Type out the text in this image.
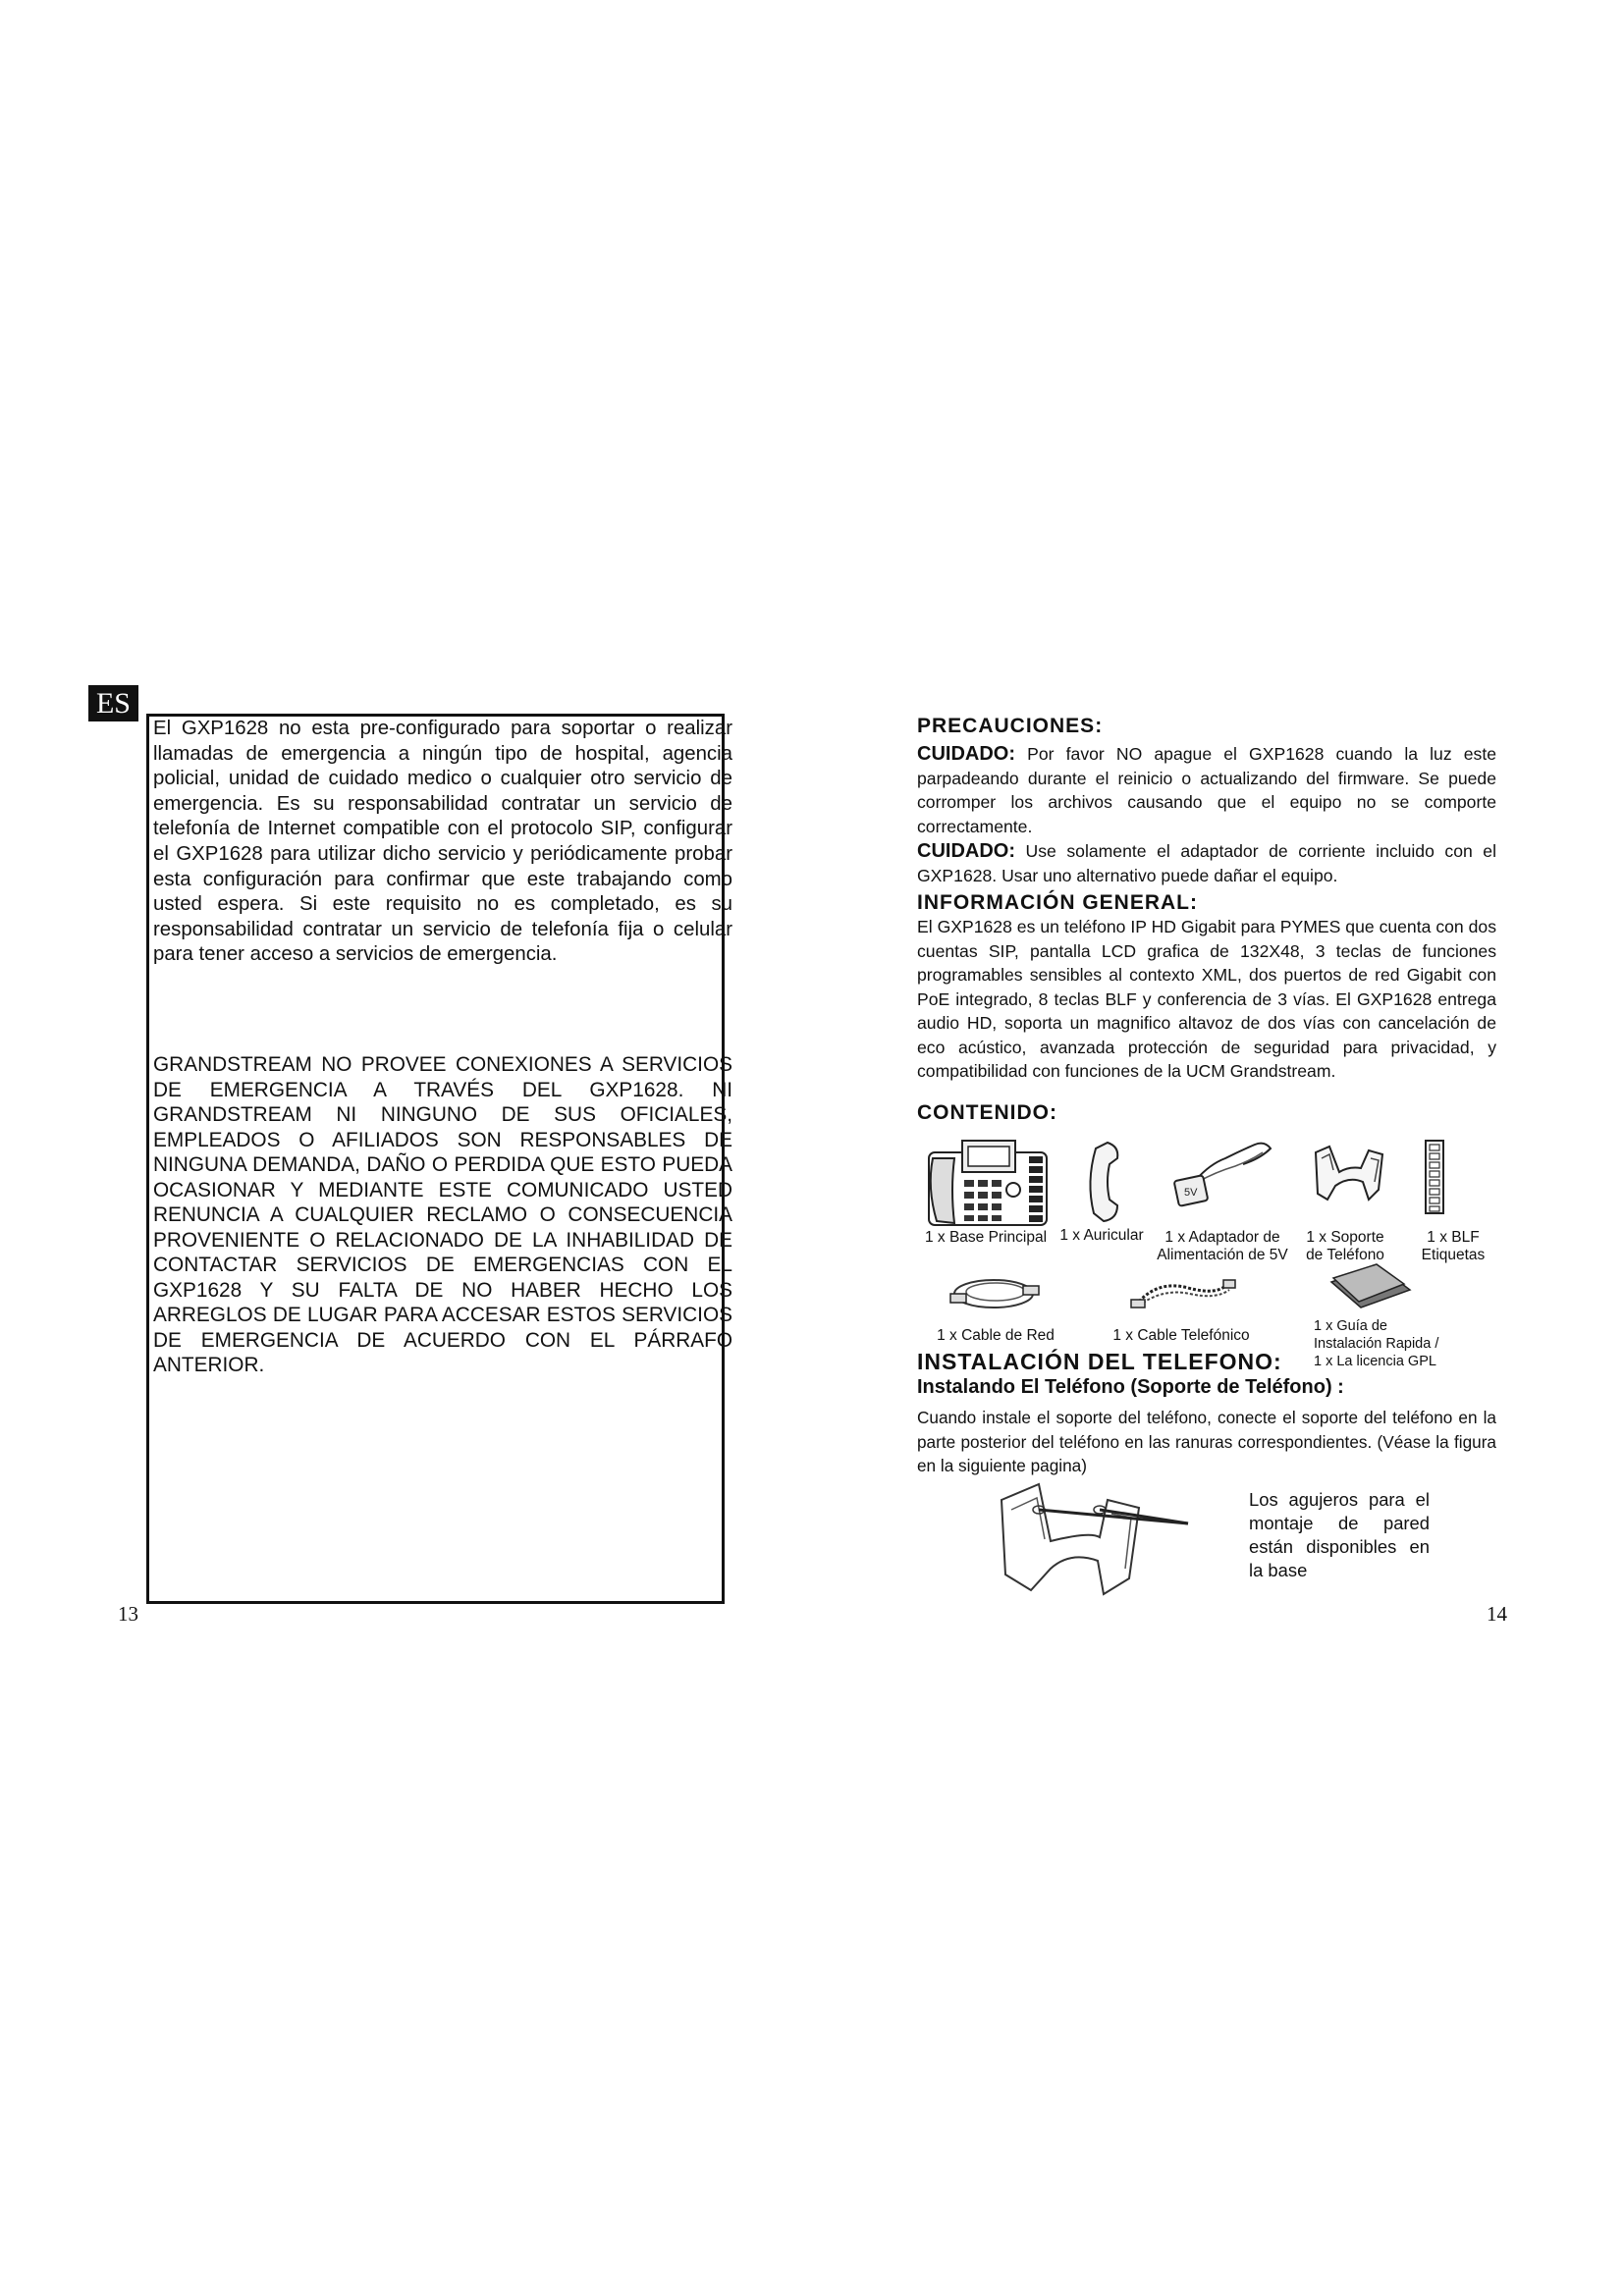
ES

El GXP1628 no esta pre-configurado para soportar o realizar llamadas de emergencia a ningún tipo de hospital, agencia policial, unidad de cuidado medico o cualquier otro servicio de emergencia. Es su responsabilidad contratar un servicio de telefonía de Internet compatible con el protocolo SIP, configurar el GXP1628 para utilizar dicho servicio y periódicamente probar esta configuración para confirmar que este trabajando como usted espera. Si este requisito no es completado, es su responsabilidad contratar un servicio de telefonía fija o celular para tener acceso a servicios de emergencia.

GRANDSTREAM NO PROVEE CONEXIONES A SERVICIOS DE EMERGENCIA A TRAVÉS DEL GXP1628. NI GRANDSTREAM NI NINGUNO DE SUS OFICIALES, EMPLEADOS O AFILIADOS SON RESPONSABLES DE NINGUNA DEMANDA, DAÑO O PERDIDA QUE ESTO PUEDA OCASIONAR Y MEDIANTE ESTE COMUNICADO USTED RENUNCIA A CUALQUIER RECLAMO O CONSECUENCIA PROVENIENTE O RELACIONADO DE LA INHABILIDAD DE CONTACTAR SERVICIOS DE EMERGENCIAS CON EL GXP1628 Y SU FALTA DE NO HABER HECHO LOS ARREGLOS DE LUGAR PARA ACCESAR ESTOS SERVICIOS DE EMERGENCIA DE ACUERDO CON EL PÁRRAFO ANTERIOR.

13
PRECAUCIONES:

CUIDADO: Por favor NO apague el GXP1628 cuando la luz este parpadeando durante el reinicio o actualizando del firmware. Se puede corromper los archivos causando que el equipo no se comporte correctamente.

CUIDADO: Use solamente el adaptador de corriente incluido con el GXP1628. Usar uno alternativo puede dañar el equipo.

INFORMACIÓN GENERAL:

El GXP1628 es un teléfono IP HD Gigabit para PYMES que cuenta con dos cuentas SIP, pantalla LCD grafica de 132X48, 3 teclas de funciones programables sensibles al contexto XML, dos puertos de red Gigabit con PoE integrado, 8 teclas BLF y conferencia de 3 vías. El GXP1628 entrega audio HD, soporta un magnifico altavoz de dos vías con cancelación de eco acústico, avanzada protección de seguridad para privacidad, y compatibilidad con funciones de la UCM Grandstream.

CONTENIDO:
5V
1 x Base Principal 1 x Auricular	1 x Adaptador de Alimentación de 5V
1 x Soporte de Teléfono
1 x BLF Etiquetas
1 x Cable de Red	1 x Cable Telefónico
1 x Guía de Instalación Rapida / 1 x La licencia GPL
INSTALACIÓN DEL TELEFONO:
Instalando El Teléfono (Soporte de Teléfono) :

Cuando instale el soporte del teléfono, conecte el soporte del teléfono en la parte posterior del teléfono en las ranuras correspondientes. (Véase la figura en la siguiente pagina)

Los agujeros para el montaje de pared están disponibles en la base

14
